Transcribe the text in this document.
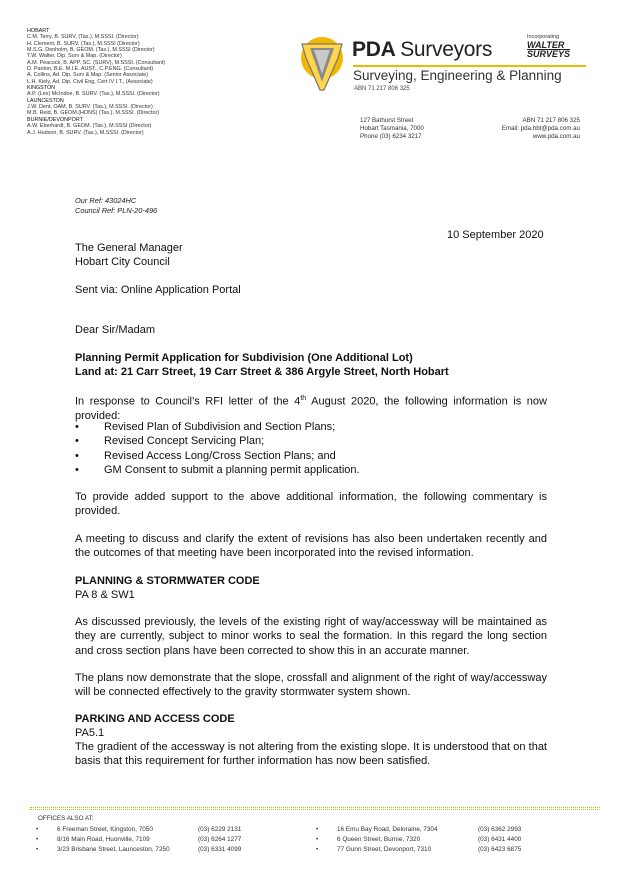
HOBART
C.M. Terry, B. SURV. (Tas.), M.SSSI. (Director)
H. Clement, B. SURV. (Tas.), M.SSSI (Director)
M.S.G. Denholm, B. GEOM. (Tas.), M.SSSI (Director)
T.W. Walter, Dip. Surv & Map. (Director)
A.M. Peacock, B. APP. SC. (SURV), M.SSSI. (Consultant)
D. Panton, B.E. M.I.E. AUST., C.P.ENG. (Consultant)
A. Collins, Ad. Dip. Surv & Map. (Senior Associate)
L.H. Kiely, Ad. Dip. Civil Eng, Cert IV I.T., (Associate)
KINGSTON
A.P. (Lex) McIndoe, B. SURV. (Tas.), M.SSSI. (Director)
LAUNCESTON
J.W. Dent, OAM, B. SURV. (Tas.), M.SSSI. (Director)
M.B. Reid, B. GEOM.(HONS) (Tas.), M.SSSI. (Director)
BURNIE/DEVONPORT
A.W. Eberhardt, B. GEOM. (Tas.), M.SSSI (Director)
A.J. Hudson, B. SURV. (Tas.), M.SSSI. (Director)
PDA Surveyors
Incorporating
WALTER
SURVEYS
Surveying, Engineering & Planning
ABN 71 217 806 325
127 Bathurst Street
Hobart Tasmania, 7000
Phone (03) 6234 3217
ABN 71 217 806 325
Email: pda.hbt@pda.com.au
www.pda.com.au
Our Ref: 43024HC
Council Ref: PLN-20-496
10 September 2020
The General Manager
Hobart City Council
Sent via: Online Application Portal
Dear Sir/Madam
Planning Permit Application for Subdivision (One Additional Lot)
Land at: 21 Carr Street, 19 Carr Street & 386 Argyle Street, North Hobart
In response to Council’s RFI letter of the 4th August 2020, the following information is now provided:
• Revised Plan of Subdivision and Section Plans;
• Revised Concept Servicing Plan;
• Revised Access Long/Cross Section Plans; and
• GM Consent to submit a planning permit application.
To provide added support to the above additional information, the following commentary is provided.
A meeting to discuss and clarify the extent of revisions has also been undertaken recently and the outcomes of that meeting have been incorporated into the revised information.
PLANNING & STORMWATER CODE
PA 8 & SW1
As discussed previously, the levels of the existing right of way/accessway will be maintained as they are currently, subject to minor works to seal the formation. In this regard the long section and cross section plans have been corrected to show this in an accurate manner.
The plans now demonstrate that the slope, crossfall and alignment of the right of way/accessway will be connected effectively to the gravity stormwater system shown.
PARKING AND ACCESS CODE
PA5.1
The gradient of the accessway is not altering from the existing slope. It is understood that on that basis that this requirement for further information has now been satisfied.
OFFICES ALSO AT:
•	6 Freeman Street, Kingston, 7050	(03) 6229 2131
•	8/16 Main Road, Huonville, 7109	(03) 6264 1277
•	3/23 Brisbane Street, Launceston, 7250	(03) 6331 4099
•	16 Emu Bay Road, Deloraine, 7304	(03) 6362 2993
•	6 Queen Street, Burnie, 7320	(03) 6431 4400
•	77 Gunn Street, Devonport, 7310	(03) 6423 6875
